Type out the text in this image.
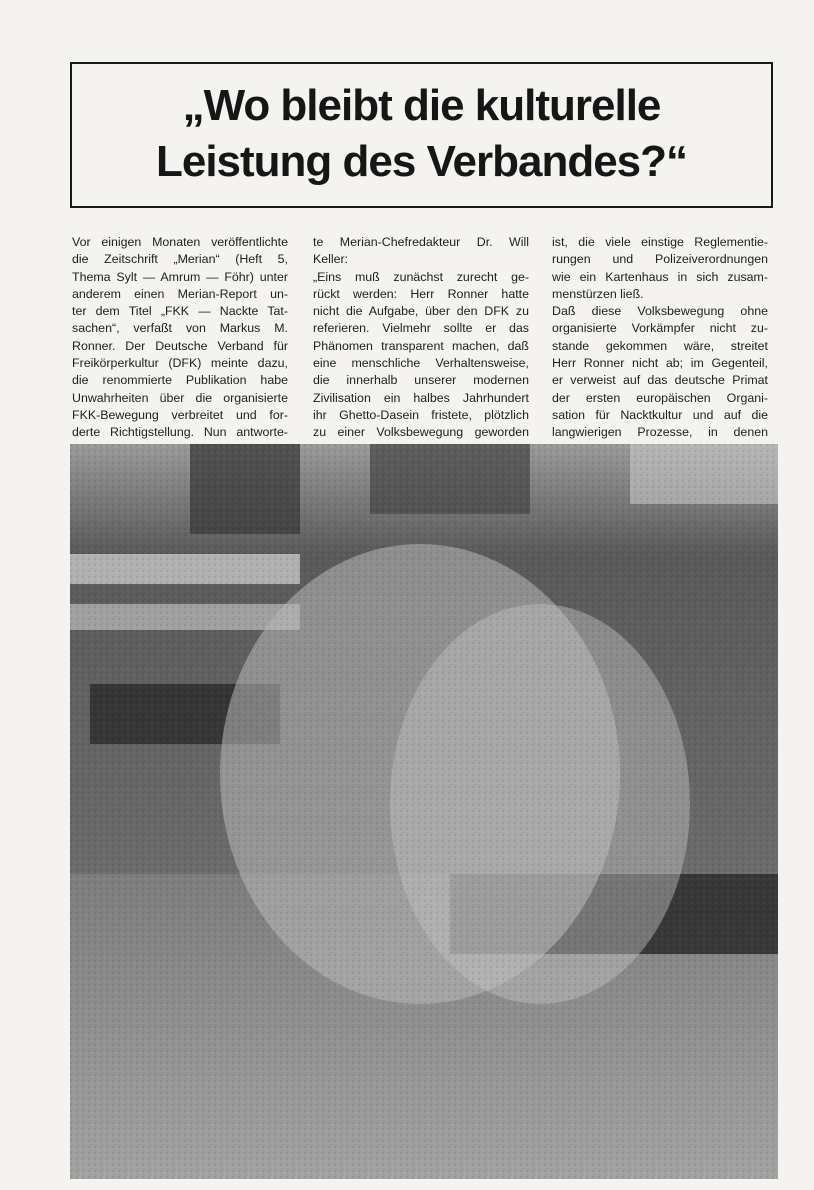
„Wo bleibt die kulturelle
Leistung des Verbandes?“
Vor einigen Monaten veröffentlichte
die Zeitschrift „Merian“ (Heft 5,
Thema Sylt — Amrum — Föhr) unter
anderem einen Merian-Report un-
ter dem Titel „FKK — Nackte Tat-
sachen“, verfaßt von Markus M.
Ronner. Der Deutsche Verband für
Freikörperkultur (DFK) meinte dazu,
die renommierte Publikation habe
Unwahrheiten über die organisierte
FKK-Bewegung verbreitet und for-
derte Richtigstellung. Nun antworte-
te Merian-Chefredakteur Dr. Will
Keller:
„Eins muß zunächst zurecht ge-
rückt werden: Herr Ronner hatte
nicht die Aufgabe, über den DFK zu
referieren. Vielmehr sollte er das
Phänomen transparent machen, daß
eine menschliche Verhaltensweise,
die innerhalb unserer modernen
Zivilisation ein halbes Jahrhundert
ihr Ghetto-Dasein fristete, plötzlich
zu einer Volksbewegung geworden
ist, die viele einstige Reglementie-
rungen und Polizeiverordnungen
wie ein Kartenhaus in sich zusam-
menstürzen ließ.
Daß diese Volksbewegung ohne
organisierte Vorkämpfer nicht zu-
stande gekommen wäre, streitet
Herr Ronner nicht ab; im Gegenteil,
er verweist auf das deutsche Primat
der ersten europäischen Organi-
sation für Nacktkultur und auf die
langwierigen Prozesse, in denen
